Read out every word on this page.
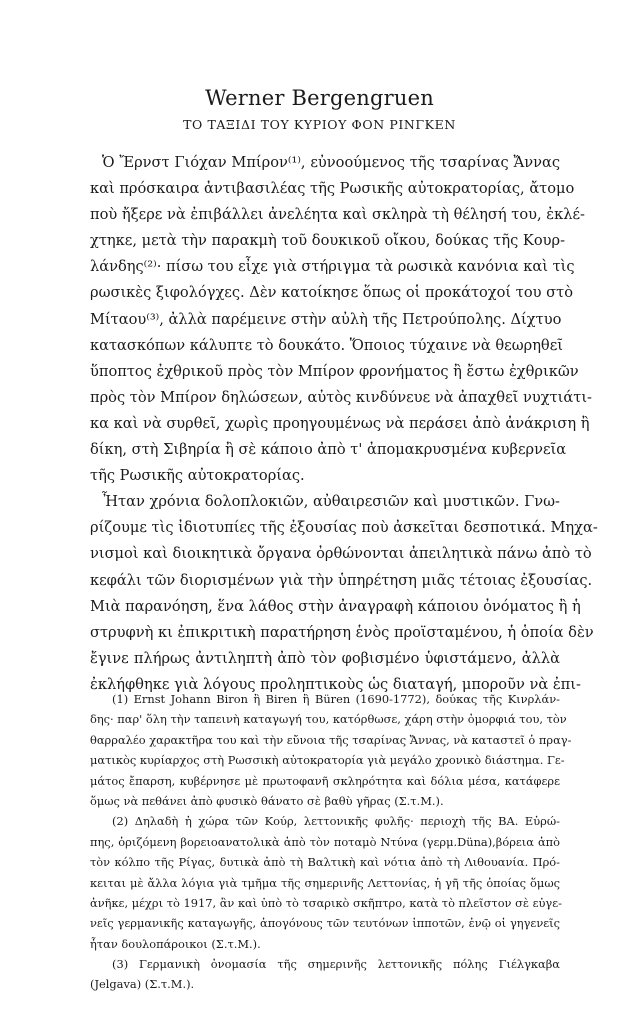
Werner Bergengruen
ΤΟ ΤΑΞΙΔΙ ΤΟΥ ΚΥΡΙΟΥ ΦΟΝ ΡΙΝΓΚΕΝ
Ὁ Ἔρνστ Γιόχαν Μπίρον⁽¹⁾, εὐνοούμενος τῆς τσαρίνας Ἄννας
καὶ πρόσκαιρα ἀντιβασιλέας τῆς Ρωσικῆς αὐτοκρατορίας, ἄτομο
ποὺ ἤξερε νὰ ἐπιβάλλει ἀνελέητα καὶ σκληρὰ τὴ θέλησή του, ἐκλέ-
χτηκε, μετὰ τὴν παρακμὴ τοῦ δουκικοῦ οἴκου, δούκας τῆς Κουρ-
λάνδης⁽²⁾· πίσω του εἶχε γιὰ στήριγμα τὰ ρωσικὰ κανόνια καὶ τὶς
ρωσικὲς ξιφολόγχες. Δὲν κατοίκησε ὅπως οἱ προκάτοχοί του στὸ
Μίταου⁽³⁾, ἀλλὰ παρέμεινε στὴν αὐλὴ τῆς Πετρούπολης. Δίχτυο
κατασκόπων κάλυπτε τὸ δουκάτο. Ὅποιος τύχαινε νὰ θεωρηθεῖ
ὕποπτος ἐχθρικοῦ πρὸς τὸν Μπίρον φρονήματος ἢ ἔστω ἐχθρικῶν
πρὸς τὸν Μπίρον δηλώσεων, αὐτὸς κινδύνευε νὰ ἀπαχθεῖ νυχτιάτι-
κα καὶ νὰ συρθεῖ, χωρὶς προηγουμένως νὰ περάσει ἀπὸ ἀνάκριση ἢ
δίκη, στὴ Σιβηρία ἢ σὲ κάποιο ἀπὸ τ' ἀπομακρυσμένα κυβερνεῖα
τῆς Ρωσικῆς αὐτοκρατορίας.
Ἦταν χρόνια δολοπλοκιῶν, αὐθαιρεσιῶν καὶ μυστικῶν. Γνω-
ρίζουμε τὶς ἰδιοτυπίες τῆς ἐξουσίας ποὺ ἀσκεῖται δεσποτικά. Μηχα-
νισμοὶ καὶ διοικητικὰ ὄργανα ὀρθώνονται ἀπειλητικὰ πάνω ἀπὸ τὸ
κεφάλι τῶν διορισμένων γιὰ τὴν ὑπηρέτηση μιᾶς τέτοιας ἐξουσίας.
Μιὰ παρανόηση, ἕνα λάθος στὴν ἀναγραφὴ κάποιου ὀνόματος ἢ ἡ
στρυφνὴ κι ἐπικριτικὴ παρατήρηση ἑνὸς προϊσταμένου, ἡ ὁποία δὲν
ἔγινε πλήρως ἀντιληπτὴ ἀπὸ τὸν φοβισμένο ὑφιστάμενο, ἀλλὰ
ἐκλήφθηκε γιὰ λόγους προληπτικοὺς ὡς διαταγή, μποροῦν νὰ ἐπι-
(1) Ernst Johann Biron ἢ Biren ἢ Büren (1690-1772), δούκας τῆς Κινρλάν-
δης· παρ' ὅλη τὴν ταπεινὴ καταγωγή του, κατόρθωσε, χάρη στὴν ὀμορφιά του, τὸν
θαρραλέο χαρακτῆρα του καὶ τὴν εὔνοια τῆς τσαρίνας Ἄννας, νὰ καταστεῖ ὁ πραγ-
ματικὸς κυρίαρχος στὴ Ρωσσικὴ αὐτοκρατορία γιὰ μεγάλο χρονικὸ διάστημα. Γε-
μάτος ἔπαρση, κυβέρνησε μὲ πρωτοφανῆ σκληρότητα καὶ δόλια μέσα, κατάφερε
ὅμως νὰ πεθάνει ἀπὸ φυσικὸ θάνατο σὲ βαθὺ γῆρας (Σ.τ.Μ.).
(2) Δηλαδὴ ἡ χώρα τῶν Κούρ, λεττονικῆς φυλῆς· περιοχὴ τῆς ΒΑ. Εὐρώ-
πης, ὁριζόμενη βορειοανατολικὰ ἀπὸ τὸν ποταμὸ Ντύνα (γερμ.Düna),βόρεια ἀπὸ
τὸν κόλπο τῆς Ρίγας, δυτικὰ ἀπὸ τὴ Βαλτικὴ καὶ νότια ἀπὸ τὴ Λιθουανία. Πρό-
κειται μὲ ἄλλα λόγια γιὰ τμῆμα τῆς σημερινῆς Λεττονίας, ἡ γῆ τῆς ὁποίας ὅμως
ἀνῆκε, μέχρι τὸ 1917, ἂν καὶ ὑπὸ τὸ τσαρικὸ σκῆπτρο, κατὰ τὸ πλεῖστον σὲ εὐγε-
νεῖς γερμανικῆς καταγωγῆς, ἀπογόνους τῶν τευτόνων ἱπποτῶν, ἐνῷ οἱ γηγενεῖς
ἦταν δουλοπάροικοι (Σ.τ.Μ.).
(3) Γερμανικὴ ὀνομασία τῆς σημερινῆς λεττονικῆς πόλης Γιέλγκαβα
(Jelgava) (Σ.τ.Μ.).
